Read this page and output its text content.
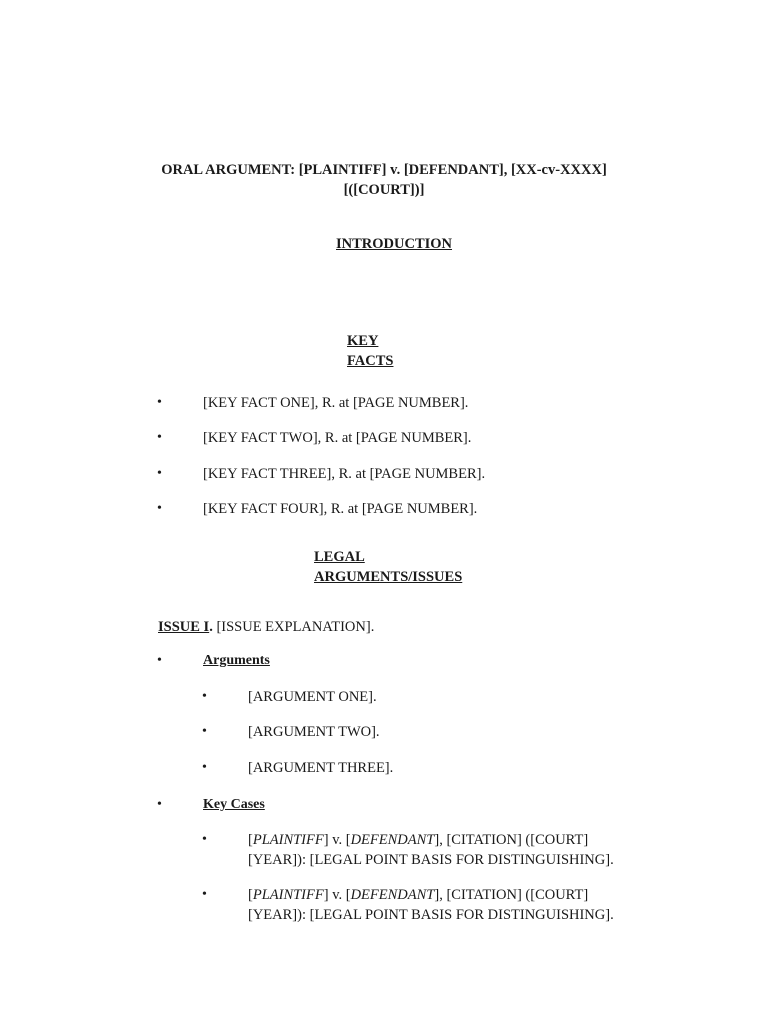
ORAL ARGUMENT: [PLAINTIFF] v. [DEFENDANT], [XX-cv-XXXX]
[([COURT])]
INTRODUCTION
KEY
FACTS
•	[KEY FACT ONE], R. at [PAGE NUMBER].
•	[KEY FACT TWO], R. at [PAGE NUMBER].
•	[KEY FACT THREE], R. at [PAGE NUMBER].
•	[KEY FACT FOUR], R. at [PAGE NUMBER].
LEGAL
ARGUMENTS/ISSUES
ISSUE I. [ISSUE EXPLANATION].
•	Arguments
•	[ARGUMENT ONE].
•	[ARGUMENT TWO].
•	[ARGUMENT THREE].
•	Key Cases
•	[PLAINTIFF] v. [DEFENDANT], [CITATION] ([COURT]
[YEAR]): [LEGAL POINT BASIS FOR DISTINGUISHING].
•	[PLAINTIFF] v. [DEFENDANT], [CITATION] ([COURT]
[YEAR]): [LEGAL POINT BASIS FOR DISTINGUISHING].
